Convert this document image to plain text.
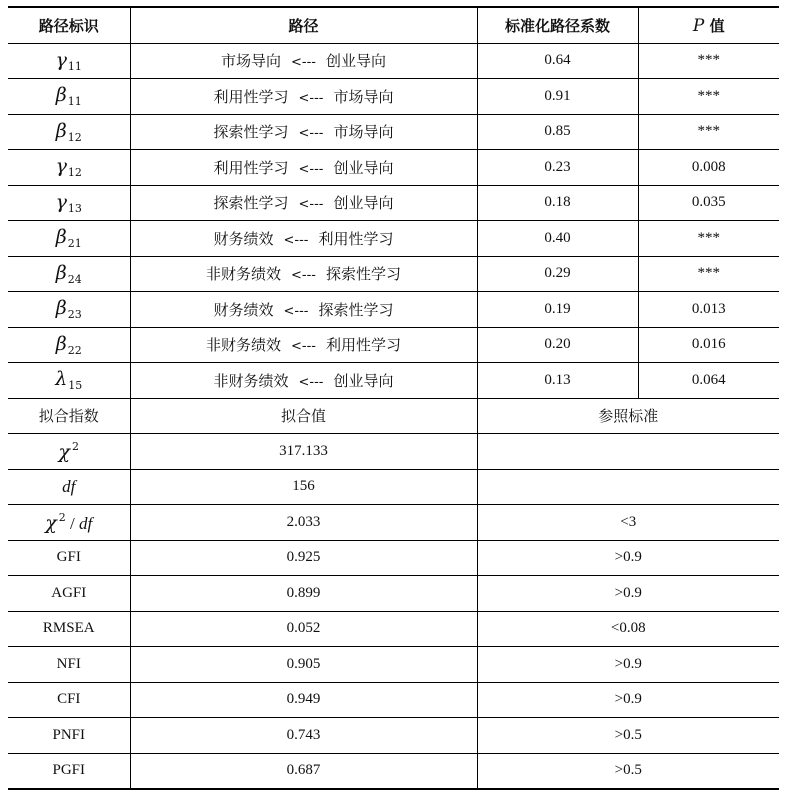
路径标识	路径	标准化路径系数	P 值
$\gamma_{11}$	市场导向 <--- 创业导向	0.64	***
$\beta_{11}$	利用性学习 <--- 市场导向	0.91	***
$\beta_{12}$	探索性学习 <--- 市场导向	0.85	***
$\gamma_{12}$	利用性学习 <--- 创业导向	0.23	0.008
$\gamma_{13}$	探索性学习 <--- 创业导向	0.18	0.035
$\beta_{21}$	财务绩效 <--- 利用性学习	0.40	***
$\beta_{24}$	非财务绩效 <--- 探索性学习	0.29	***
$\beta_{23}$	财务绩效 <--- 探索性学习	0.19	0.013
$\beta_{22}$	非财务绩效 <--- 利用性学习	0.20	0.016
$\lambda_{15}$	非财务绩效 <--- 创业导向	0.13	0.064
拟合指数	拟合值	参照标准	
χ $^2$	317.133		
df	156		
χ $^2$ / df	2.033	<3	
GFI	0.925	>0.9	
AGFI	0.899	>0.9	
RMSEA	0.052	<0.08	
NFI	0.905	>0.9	
CFI	0.949	>0.9	
PNFI	0.743	>0.5	
PGFI	0.687	>0.5	
